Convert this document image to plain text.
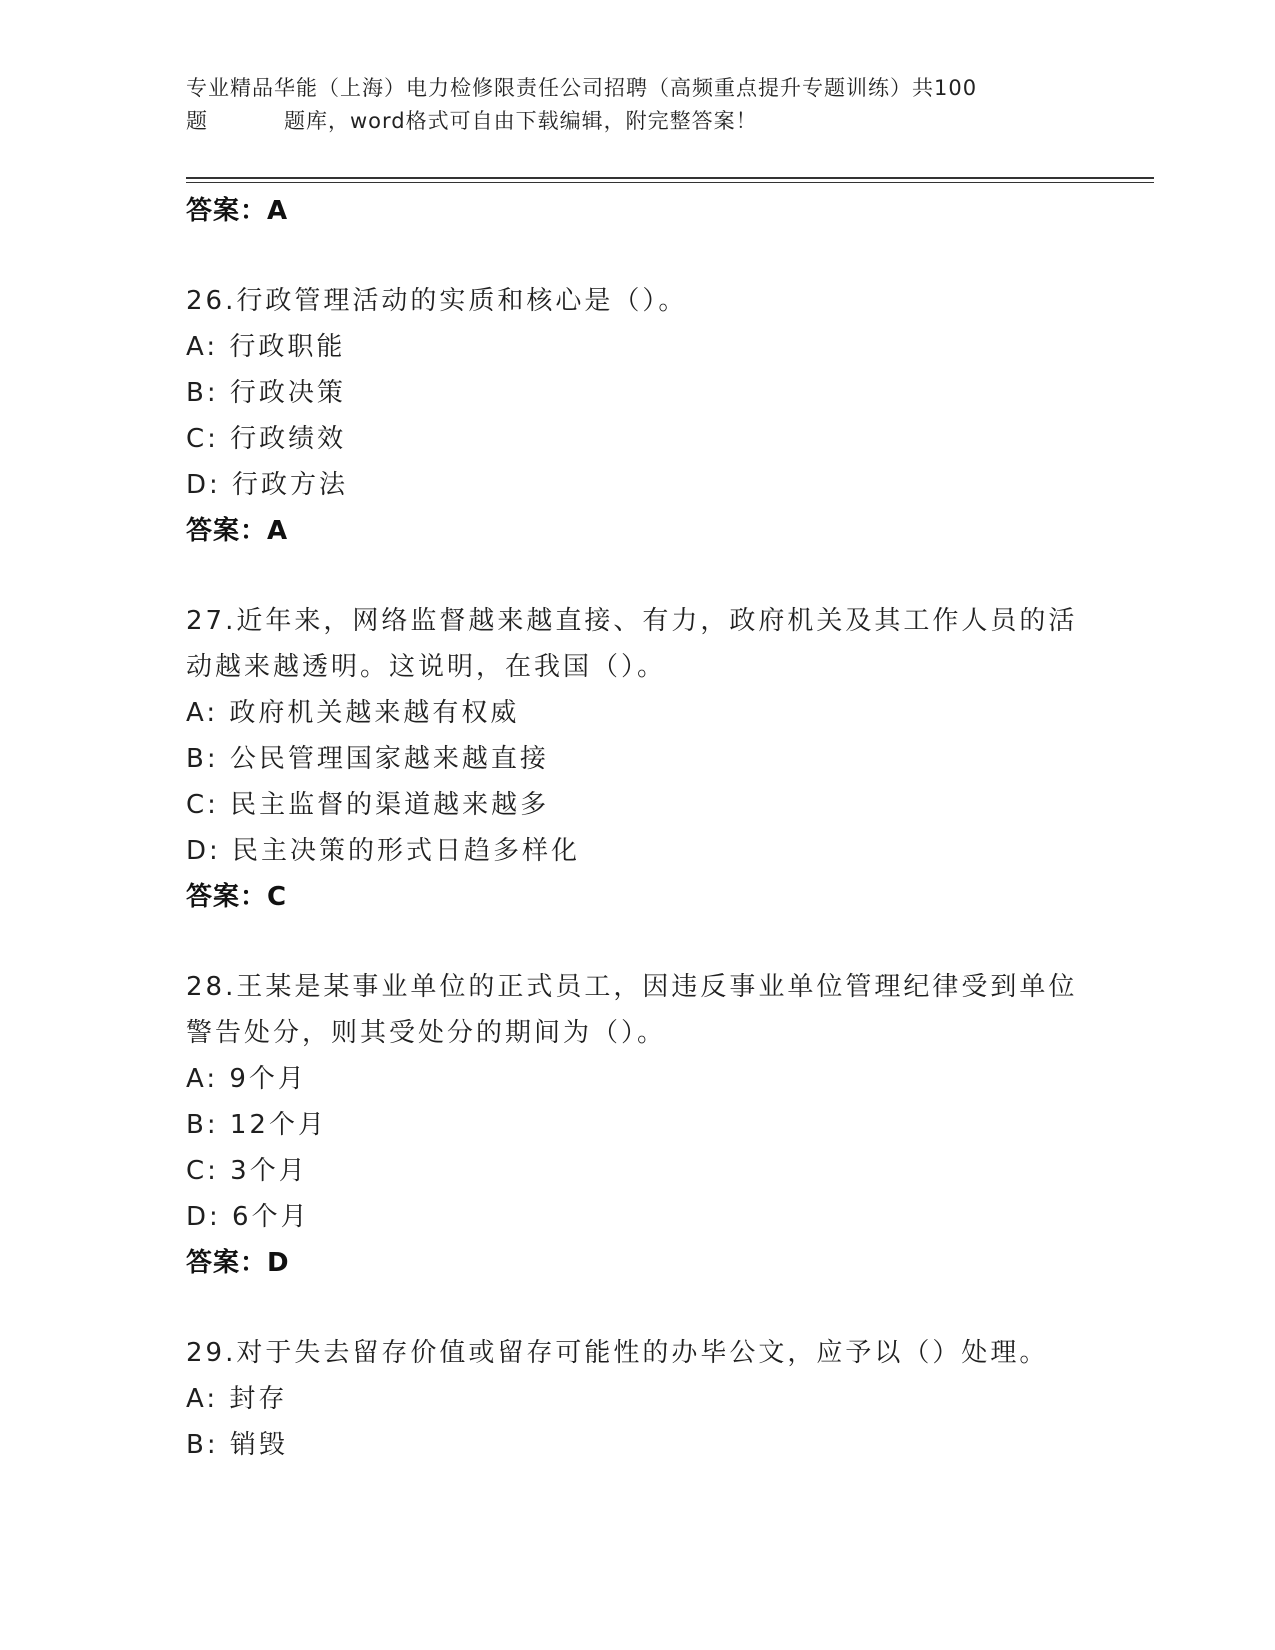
专业精品华能（上海）电力检修限责任公司招聘（高频重点提升专题训练）共100
题	题库，word格式可自由下载编辑，附完整答案！
答案：A
26.行政管理活动的实质和核心是（）。
A: 行政职能
B: 行政决策
C: 行政绩效
D: 行政方法
答案：A
27.近年来，网络监督越来越直接、有力，政府机关及其工作人员的活
动越来越透明。这说明，在我国（）。
A: 政府机关越来越有权威
B: 公民管理国家越来越直接
C: 民主监督的渠道越来越多
D: 民主决策的形式日趋多样化
答案：C
28.王某是某事业单位的正式员工，因违反事业单位管理纪律受到单位
警告处分，则其受处分的期间为（）。
A: 9个月
B: 12个月
C: 3个月
D: 6个月
答案：D
29.对于失去留存价值或留存可能性的办毕公文，应予以（）处理。
A: 封存
B: 销毁
